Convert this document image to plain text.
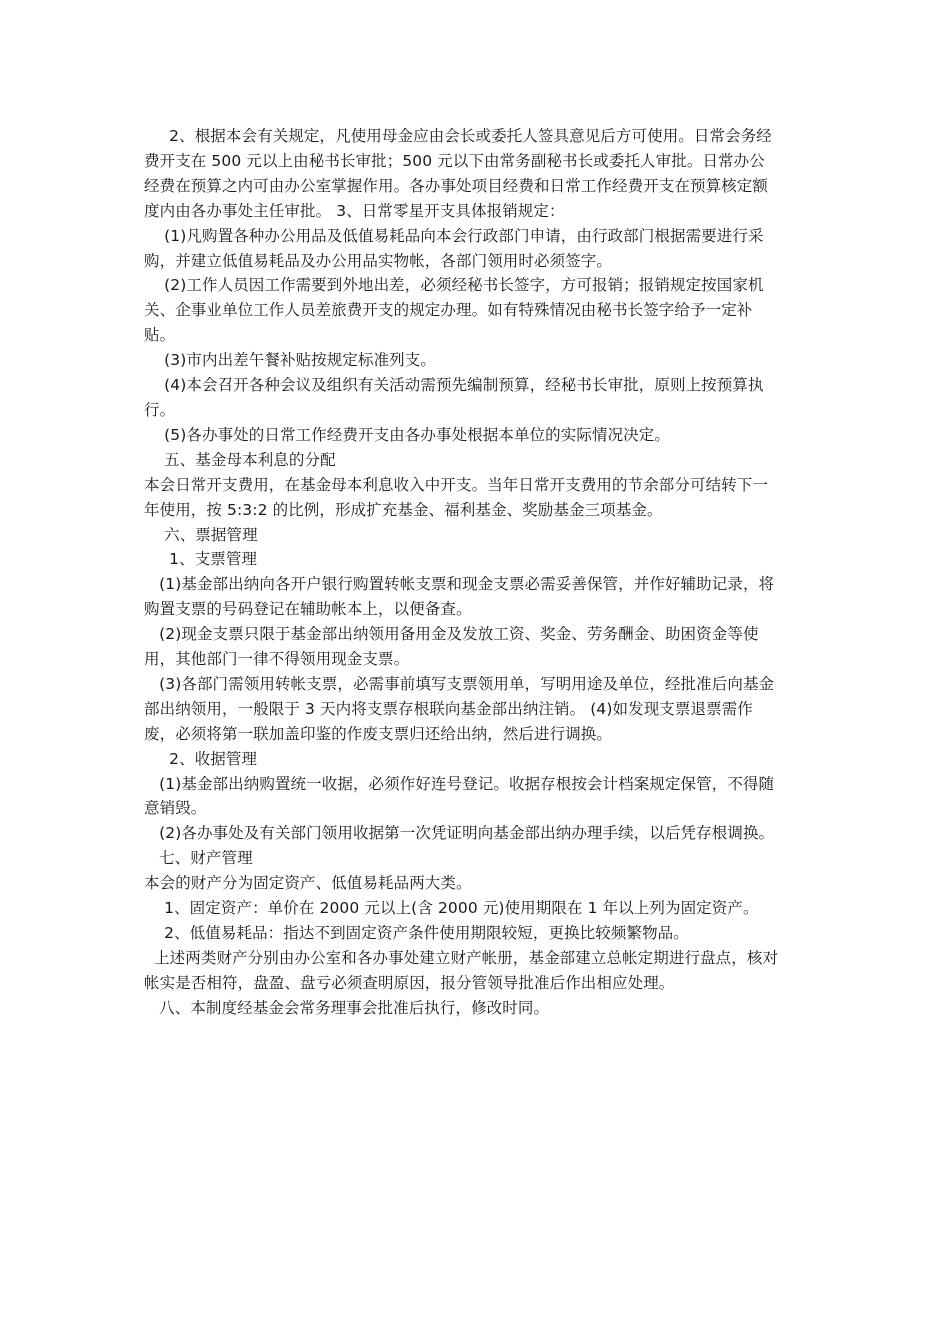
2、根据本会有关规定，凡使用母金应由会长或委托人签具意见后方可使用。日常会务经费开支在 500 元以上由秘书长审批；500 元以下由常务副秘书长或委托人审批。日常办公经费在预算之内可由办公室掌握作用。各办事处项目经费和日常工作经费开支在预算核定额度内由各办事处主任审批。 3、日常零星开支具体报销规定：

(1)凡购置各种办公用品及低值易耗品向本会行政部门申请，由行政部门根据需要进行采购，并建立低值易耗品及办公用品实物帐，各部门领用时必须签字。

(2)工作人员因工作需要到外地出差，必须经秘书长签字，方可报销；报销规定按国家机关、企事业单位工作人员差旅费开支的规定办理。如有特殊情况由秘书长签字给予一定补贴。

(3)市内出差午餐补贴按规定标准列支。

(4)本会召开各种会议及组织有关活动需预先编制预算，经秘书长审批，原则上按预算执行。

(5)各办事处的日常工作经费开支由各办事处根据本单位的实际情况决定。

五、基金母本利息的分配

本会日常开支费用，在基金母本利息收入中开支。当年日常开支费用的节余部分可结转下一年使用，按 5:3:2 的比例，形成扩充基金、福利基金、奖励基金三项基金。

六、票据管理

1、支票管理

(1)基金部出纳向各开户银行购置转帐支票和现金支票必需妥善保管，并作好辅助记录，将购置支票的号码登记在辅助帐本上，以便备查。

(2)现金支票只限于基金部出纳领用备用金及发放工资、奖金、劳务酬金、助困资金等使用，其他部门一律不得领用现金支票。

(3)各部门需领用转帐支票，必需事前填写支票领用单，写明用途及单位，经批准后向基金部出纳领用，一般限于 3 天内将支票存根联向基金部出纳注销。 (4)如发现支票退票需作废，必须将第一联加盖印鉴的作废支票归还给出纳，然后进行调换。

2、收据管理

(1)基金部出纳购置统一收据，必须作好连号登记。收据存根按会计档案规定保管，不得随意销毁。

(2)各办事处及有关部门领用收据第一次凭证明向基金部出纳办理手续，以后凭存根调换。

七、财产管理

本会的财产分为固定资产、低值易耗品两大类。

1、固定资产：单价在 2000 元以上(含 2000 元)使用期限在 1 年以上列为固定资产。

2、低值易耗品：指达不到固定资产条件使用期限较短，更换比较频繁物品。

上述两类财产分别由办公室和各办事处建立财产帐册，基金部建立总帐定期进行盘点，核对帐实是否相符，盘盈、盘亏必须查明原因，报分管领导批准后作出相应处理。

八、本制度经基金会常务理事会批准后执行，修改时同。
